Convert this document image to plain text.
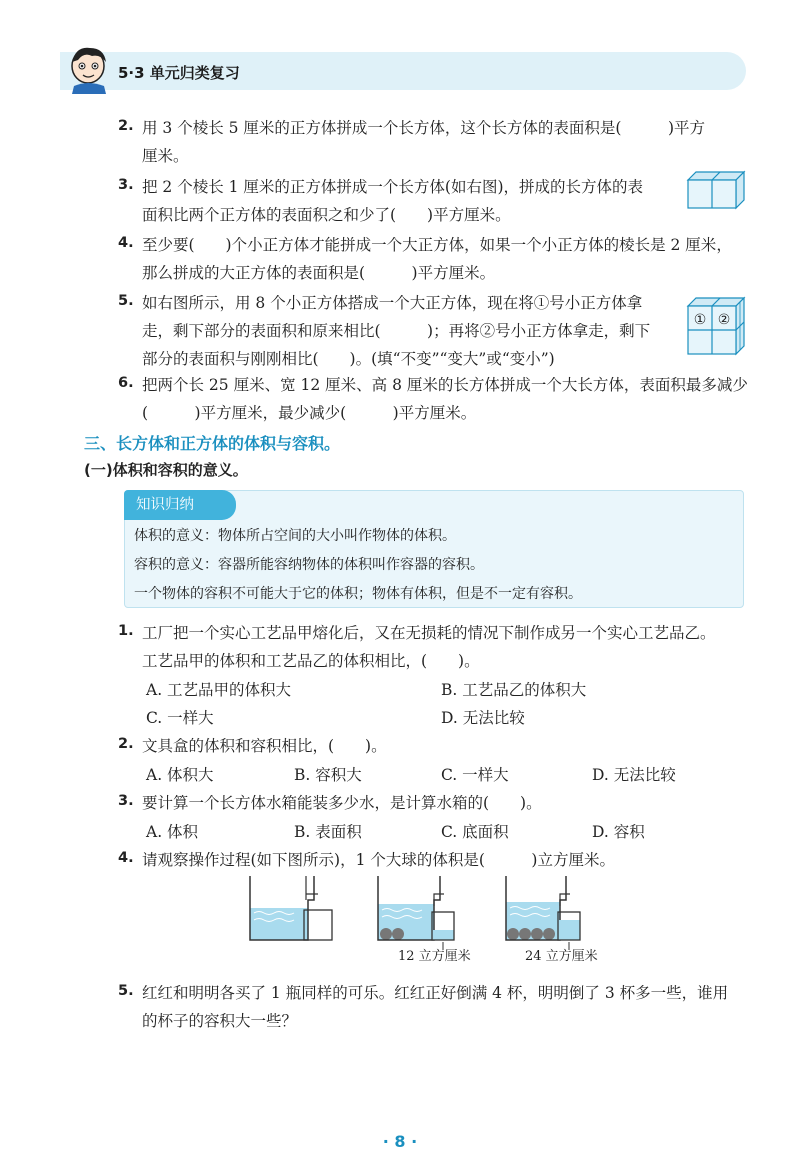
5·3 单元归类复习
2. 用 3 个棱长 5 厘米的正方体拼成一个长方体，这个长方体的表面积是(　　　)平方
厘米。
3. 把 2 个棱长 1 厘米的正方体拼成一个长方体(如右图)，拼成的长方体的表
面积比两个正方体的表面积之和少了(　　)平方厘米。
4. 至少要(　　)个小正方体才能拼成一个大正方体，如果一个小正方体的棱长是 2 厘米，
那么拼成的大正方体的表面积是(　　　)平方厘米。
5. 如右图所示，用 8 个小正方体搭成一个大正方体，现在将①号小正方体拿
走，剩下部分的表面积和原来相比(　　　)；再将②号小正方体拿走，剩下
部分的表面积与刚刚相比(　　)。(填“不变”“变大”或“变小”)
① ②
6. 把两个长 25 厘米、宽 12 厘米、高 8 厘米的长方体拼成一个大长方体，表面积最多减少
(　　　)平方厘米，最少减少(　　　)平方厘米。
三、长方体和正方体的体积与容积。
(一)体积和容积的意义。
知识归纳
体积的意义：物体所占空间的大小叫作物体的体积。
容积的意义：容器所能容纳物体的体积叫作容器的容积。
一个物体的容积不可能大于它的体积；物体有体积，但是不一定有容积。
1. 工厂把一个实心工艺品甲熔化后，又在无损耗的情况下制作成另一个实心工艺品乙。
工艺品甲的体积和工艺品乙的体积相比，(　　)。
A. 工艺品甲的体积大	B. 工艺品乙的体积大
C. 一样大	D. 无法比较
2. 文具盒的体积和容积相比，(　　)。
A. 体积大	B. 容积大	C. 一样大	D. 无法比较
3. 要计算一个长方体水箱能装多少水，是计算水箱的(　　)。
A. 体积	B. 表面积	C. 底面积	D. 容积
4. 请观察操作过程(如下图所示)，1 个大球的体积是(　　　)立方厘米。
12 立方厘米	24 立方厘米
5. 红红和明明各买了 1 瓶同样的可乐。红红正好倒满 4 杯，明明倒了 3 杯多一些，谁用
的杯子的容积大一些？
· 8 ·
